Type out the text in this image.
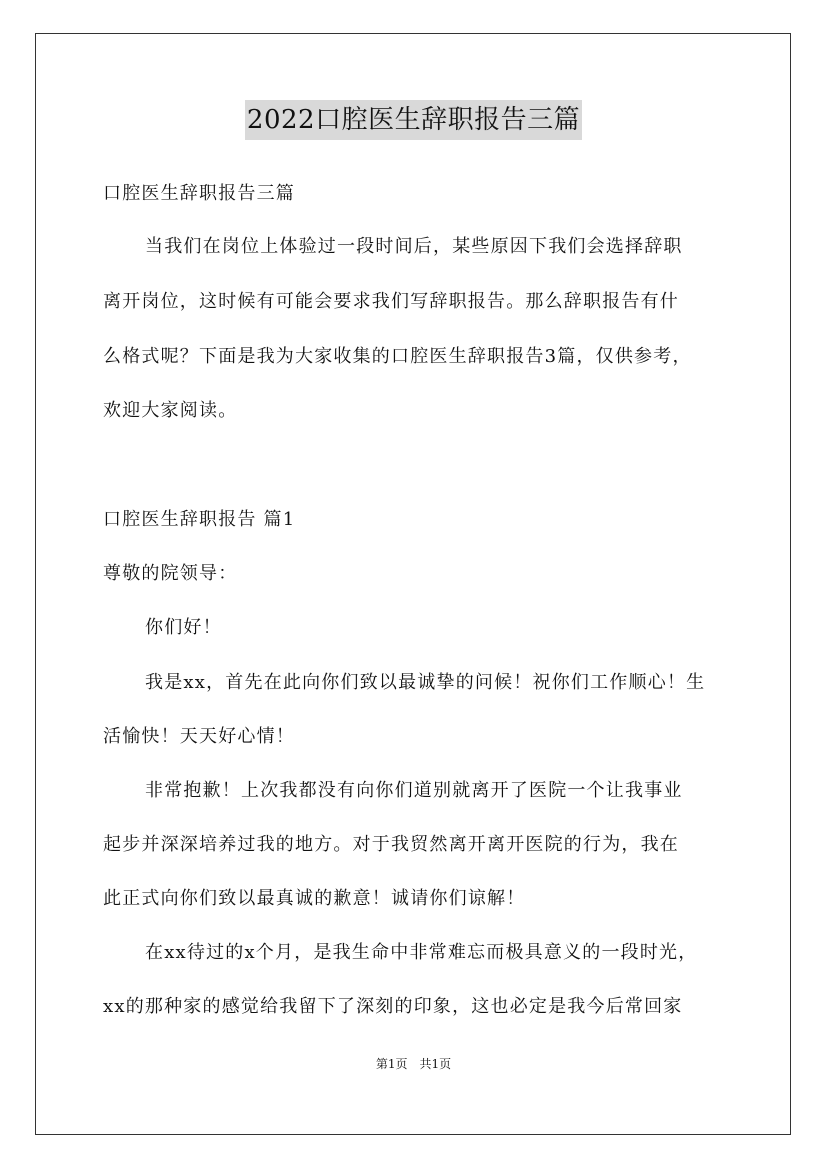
2022口腔医生辞职报告三篇
口腔医生辞职报告三篇
当我们在岗位上体验过一段时间后，某些原因下我们会选择辞职
离开岗位，这时候有可能会要求我们写辞职报告。那么辞职报告有什
么格式呢？下面是我为大家收集的口腔医生辞职报告3篇，仅供参考，
欢迎大家阅读。
口腔医生辞职报告 篇1
尊敬的院领导：
你们好！
我是xx，首先在此向你们致以最诚挚的问候！祝你们工作顺心！生
活愉快！天天好心情！
非常抱歉！上次我都没有向你们道别就离开了医院一个让我事业
起步并深深培养过我的地方。对于我贸然离开离开医院的行为，我在
此正式向你们致以最真诚的歉意！诚请你们谅解！
在xx待过的x个月，是我生命中非常难忘而极具意义的一段时光，
xx的那种家的感觉给我留下了深刻的印象，这也必定是我今后常回家
第1页　共1页
